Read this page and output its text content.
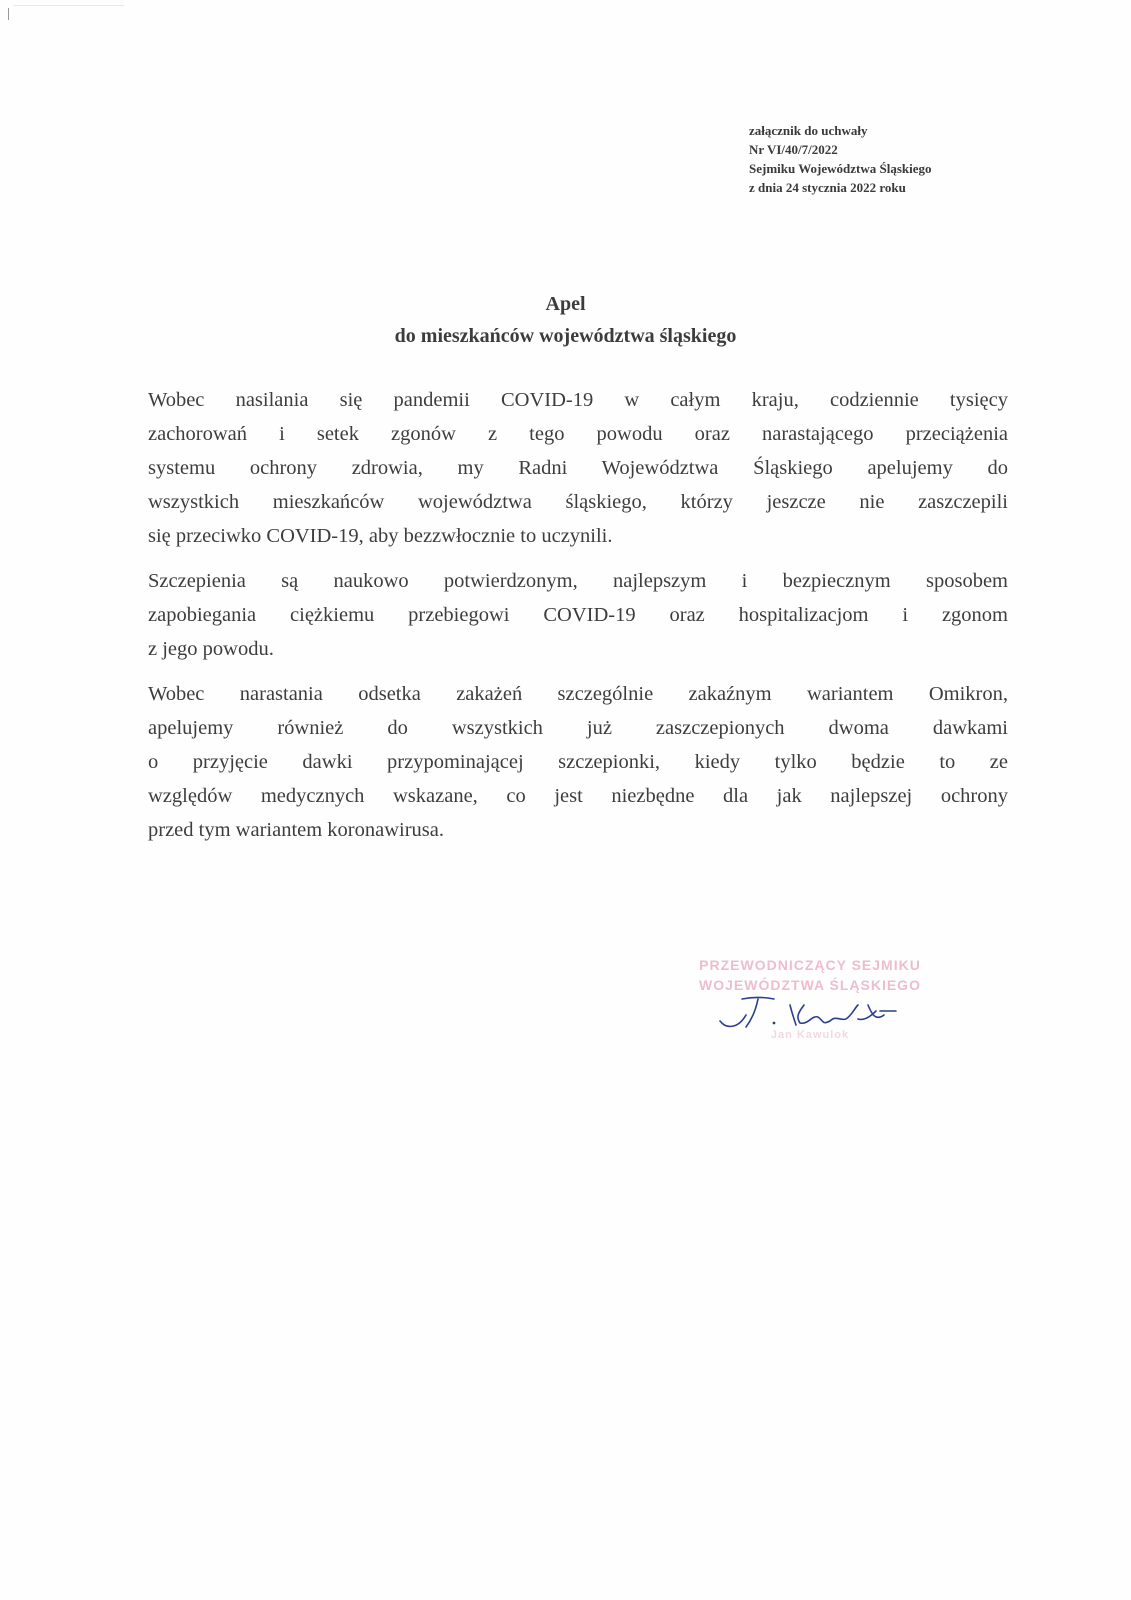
załącznik do uchwały
Nr VI/40/7/2022
Sejmiku Województwa Śląskiego
z dnia 24 stycznia 2022 roku
Apel
do mieszkańców województwa śląskiego
Wobec nasilania się pandemii COVID-19 w całym kraju, codziennie tysięcy
zachorowań i setek zgonów z tego powodu oraz narastającego przeciążenia
systemu ochrony zdrowia, my Radni Województwa Śląskiego apelujemy do
wszystkich mieszkańców województwa śląskiego, którzy jeszcze nie zaszczepili
się przeciwko COVID-19, aby bezzwłocznie to uczynili.
Szczepienia są naukowo potwierdzonym, najlepszym i bezpiecznym sposobem
zapobiegania ciężkiemu przebiegowi COVID-19 oraz hospitalizacjom i zgonom
z jego powodu.
Wobec narastania odsetka zakażeń szczególnie zakaźnym wariantem Omikron,
apelujemy również do wszystkich już zaszczepionych dwoma dawkami
o przyjęcie dawki przypominającej szczepionki, kiedy tylko będzie to ze
względów medycznych wskazane, co jest niezbędne dla jak najlepszej ochrony
przed tym wariantem koronawirusa.
PRZEWODNICZĄCY SEJMIKU
WOJEWÓDZTWA ŚLĄSKIEGO
Jan Kawulok
